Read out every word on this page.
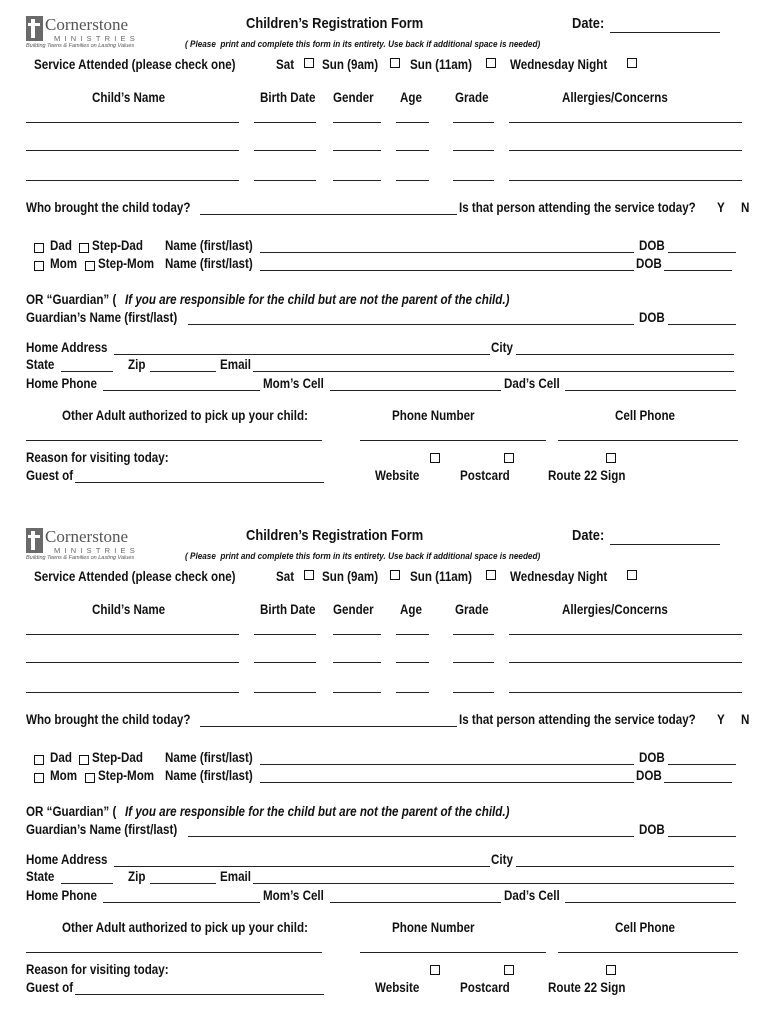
Cornerstone
MINISTRIES
Building Teens & Families on Lasting Values
Children’s Registration Form	Date:
( Please  print and complete this form in its entirety. Use back if additional space is needed)
Service Attended (please check one)	Sat Sun (9am) Sun (11am)	Wednesday Night
Child’s Name	Birth Date Gender Age Grade	Allergies/Concerns
Who brought the child today?	Is that person attending the service today? Y N
Dad Step-Dad Name (first/last)	DOB
Mom Step-Mom Name (first/last)	DOB
OR “Guardian” ( If you are responsible for the child but are not the parent of the child.)
Guardian’s Name (first/last)	DOB
Home Address	City
State	Zip	Email
Home Phone	Mom’s Cell	Dad’s Cell
Other Adult authorized to pick up your child:	Phone Number	Cell Phone
Reason for visiting today:
Guest of	Website	Postcard	Route 22 Sign
Cornerstone
MINISTRIES
Building Teens & Families on Lasting Values
Children’s Registration Form	Date:
( Please  print and complete this form in its entirety. Use back if additional space is needed)
Service Attended (please check one)	Sat Sun (9am) Sun (11am)	Wednesday Night
Child’s Name	Birth Date Gender Age Grade	Allergies/Concerns
Who brought the child today?	Is that person attending the service today? Y N
Dad Step-Dad Name (first/last)	DOB
Mom Step-Mom Name (first/last)	DOB
OR “Guardian” ( If you are responsible for the child but are not the parent of the child.)
Guardian’s Name (first/last)	DOB
Home Address	City
State	Zip	Email
Home Phone	Mom’s Cell	Dad’s Cell
Other Adult authorized to pick up your child:	Phone Number	Cell Phone
Reason for visiting today:
Guest of	Website	Postcard	Route 22 Sign
